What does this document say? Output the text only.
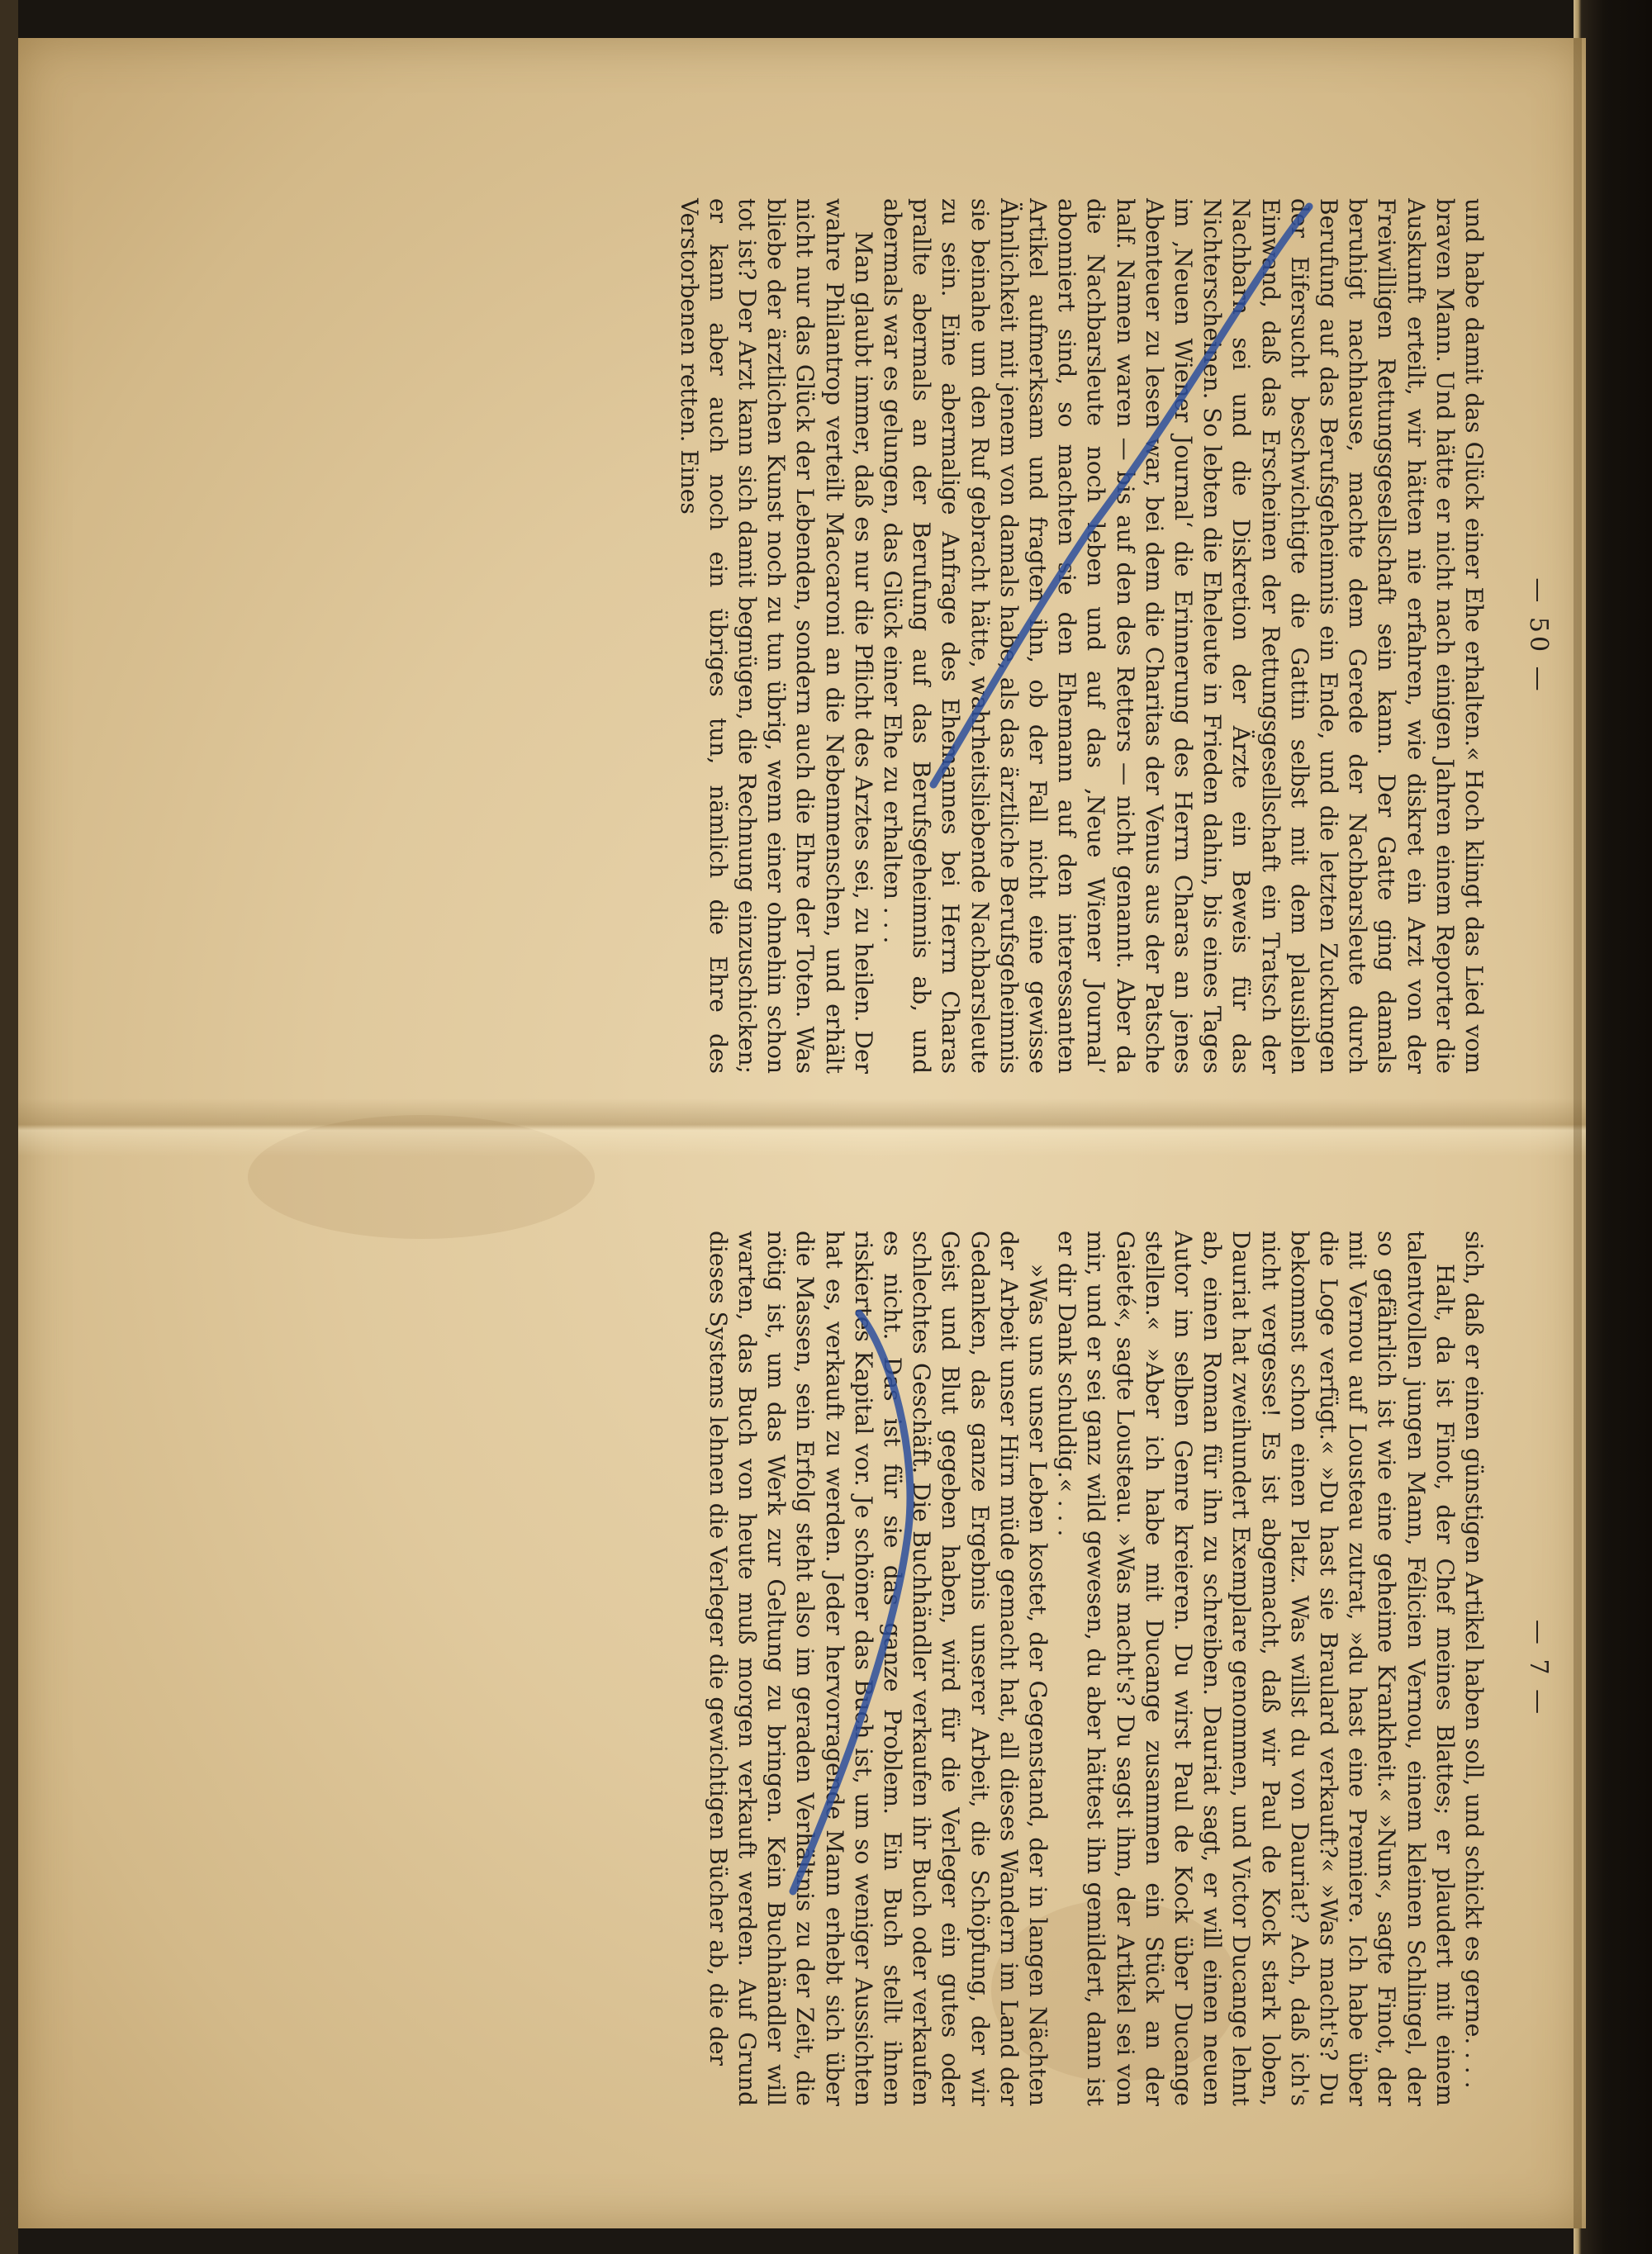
— 50 —

und habe damit das Glück einer Ehe erhalten.« Hoch klingt das Lied vom braven Mann. Und hätte er nicht nach einigen Jahren einem Reporter die Auskunft erteilt, wir hätten nie erfahren, wie diskret ein Arzt von der Freiwilligen Rettungsgesellschaft sein kann. Der Gatte ging damals beruhigt nachhause, machte dem Gerede der Nachbarsleute durch Berufung auf das Berufsgeheimnis ein Ende, und die letzten Zuckungen der Eifersucht beschwichtigte die Gattin selbst mit dem plausiblen Einwand, daß das Erscheinen der Rettungsgesellschaft ein Tratsch der Nachbarn sei und die Diskretion der Ärzte ein Beweis für das Nichterscheinen. So lebten die Eheleute in Frieden dahin, bis eines Tages im ‚Neuen Wiener Journal‘ die Erinnerung des Herrn Charas an jenes Abenteuer zu lesen war, bei dem die Charitas der Venus aus der Patsche half. Namen waren — bis auf den des Retters — nicht genannt. Aber da die Nachbarsleute noch leben und auf das ‚Neue Wiener Journal‘ abonniert sind, so machten sie den Ehemann auf den interessanten Artikel aufmerksam und fragten ihn, ob der Fall nicht eine gewisse Ähnlichkeit mit jenem von damals habe, als das ärztliche Berufsgeheimnis sie beinahe um den Ruf gebracht hätte, wahrheitsliebende Nachbarsleute zu sein. Eine abermalige Anfrage des Ehemannes bei Herrn Charas prallte abermals an der Berufung auf das Berufsgeheimnis ab, und abermals war es gelungen, das Glück einer Ehe zu erhalten . . .

Man glaubt immer, daß es nur die Pflicht des Arztes sei, zu heilen. Der wahre Philantrop verteilt Maccaroni an die Nebenmenschen, und erhält nicht nur das Glück der Lebenden, sondern auch die Ehre der Toten. Was bliebe der ärztlichen Kunst noch zu tun übrig, wenn einer ohnehin schon tot ist? Der Arzt kann sich damit begnügen, die Rechnung einzuschicken; er kann aber auch noch ein übriges tun, nämlich die Ehre des Verstorbenen retten. Eines

— 7 —

sich, daß er einen günstigen Artikel haben soll, und schickt es gerne. . . .

Halt, da ist Finot, der Chef meines Blattes; er plaudert mit einem talentvollen jungen Mann, Félicien Vernou, einem kleinen Schlingel, der so gefährlich ist wie eine geheime Krankheit.« »Nun«, sagte Finot, der mit Vernou auf Lousteau zutrat, »du hast eine Premiere. Ich habe über die Loge verfügt.« »Du hast sie Braulard verkauft?« »Was macht's? Du bekommst schon einen Platz. Was willst du von Dauriat? Ach, daß ich's nicht vergesse! Es ist abgemacht, daß wir Paul de Kock stark loben, Dauriat hat zweihundert Exemplare genommen, und Victor Ducange lehnt ab, einen Roman für ihn zu schreiben. Dauriat sagt, er will einen neuen Autor im selben Genre kreieren. Du wirst Paul de Kock über Ducange stellen.« »Aber ich habe mit Ducange zusammen ein Stück an der Gaieté«, sagte Lousteau. »Was macht's? Du sagst ihm, der Artikel sei von mir, und er sei ganz wild gewesen, du aber hättest ihn gemildert, dann ist er dir Dank schuldig.« . . .

»Was uns unser Leben kostet, der Gegenstand, der in langen Nächten der Arbeit unser Hirn müde gemacht hat, all dieses Wandern im Land der Gedanken, das ganze Ergebnis unserer Arbeit, die Schöpfung, der wir Geist und Blut gegeben haben, wird für die Verleger ein gutes oder schlechtes Geschäft. Die Buchhändler verkaufen ihr Buch oder verkaufen es nicht. Das ist für sie das ganze Problem. Ein Buch stellt ihnen riskiertes Kapital vor. Je schöner das Buch ist, um so weniger Aussichten hat es, verkauft zu werden. Jeder hervorragende Mann erhebt sich über die Massen, sein Erfolg steht also im geraden Verhältnis zu der Zeit, die nötig ist, um das Werk zur Geltung zu bringen. Kein Buchhändler will warten, das Buch von heute muß morgen verkauft werden. Auf Grund dieses Systems lehnen die Verleger die gewichtigen Bücher ab, die der
